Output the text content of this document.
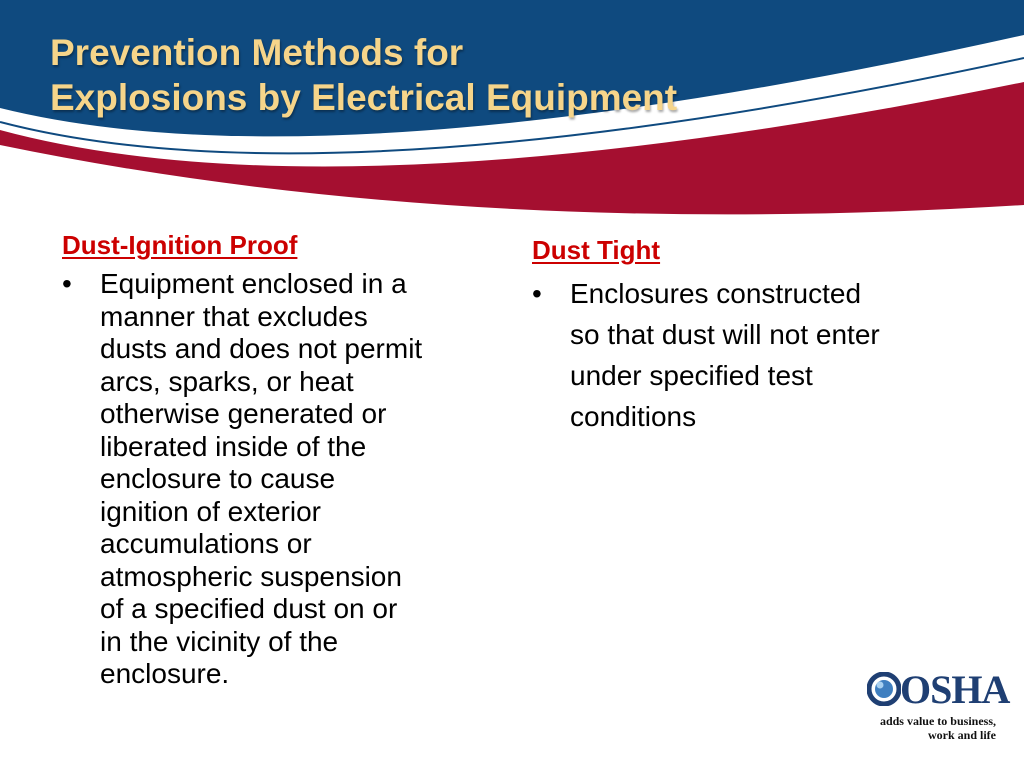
Prevention Methods for
Explosions by Electrical Equipment
Dust-Ignition Proof
• Equipment enclosed in a
manner that excludes
dusts and does not permit
arcs, sparks, or heat
otherwise generated or
liberated inside of the
enclosure to cause
ignition of exterior
accumulations or
atmospheric suspension
of a specified dust on or
in the vicinity of the
enclosure.
Dust Tight
• Enclosures constructed
so that dust will not enter
under specified test
conditions
OSHA
adds value to business,
work and life
